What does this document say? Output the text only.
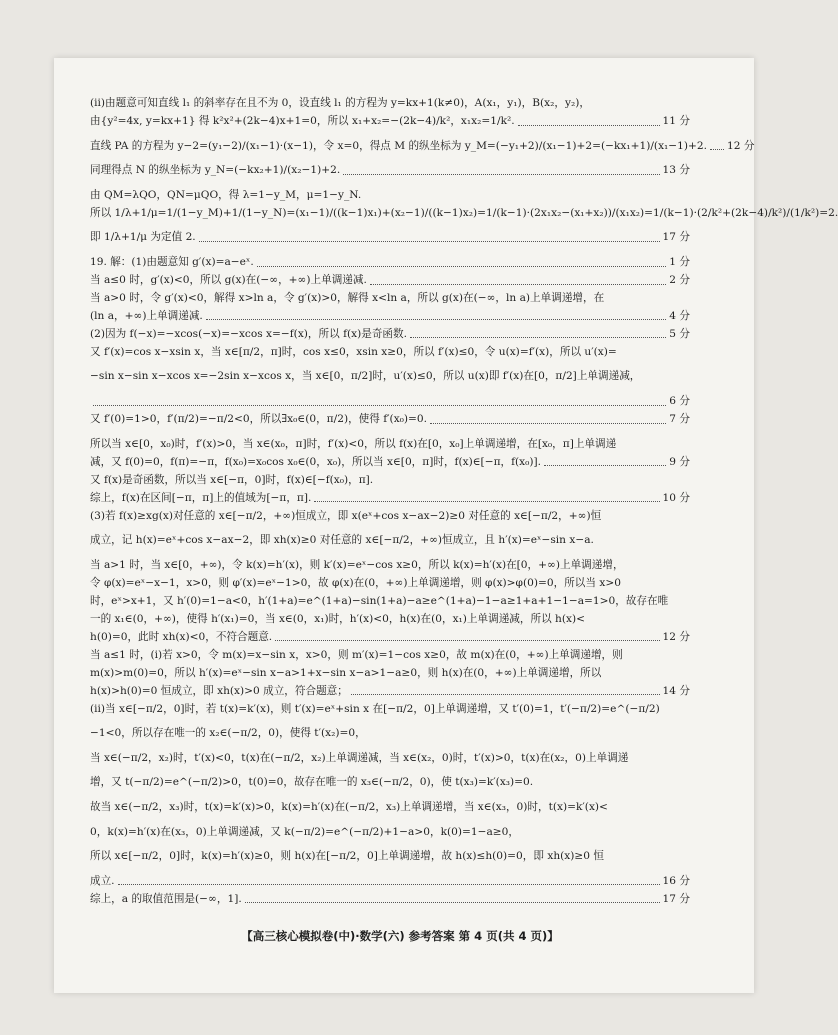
(ⅱ)由题意可知直线 l₁ 的斜率存在且不为 0，设直线 l₁ 的方程为 y=kx+1(k≠0)，A(x₁，y₁)，B(x₂，y₂)，
由{y²=4x, y=kx+1} 得 k²x²+(2k−4)x+1=0，所以 x₁+x₂=−(2k−4)/k²，x₁x₂=1/k².	11 分
直线 PA 的方程为 y−2=(y₁−2)/(x₁−1)·(x−1)，令 x=0，得点 M 的纵坐标为 y_M=(−y₁+2)/(x₁−1)+2=(−kx₁+1)/(x₁−1)+2. 12 分
同理得点 N 的纵坐标为 y_N=(−kx₂+1)/(x₂−1)+2.	13 分
由 QM=λQO，QN=μQO，得 λ=1−y_M，μ=1−y_N.
所以 1/λ+1/μ=1/(1−y_M)+1/(1−y_N)=(x₁−1)/((k−1)x₁)+(x₂−1)/((k−1)x₂)=1/(k−1)·(2x₁x₂−(x₁+x₂))/(x₁x₂)=1/(k−1)·(2/k²+(2k−4)/k²)/(1/k²)=2.
即 1/λ+1/μ 为定值 2.	17 分
19. 解：(1)由题意知 g′(x)=a−eˣ.	1 分
当 a≤0 时，g′(x)<0，所以 g(x)在(−∞，+∞)上单调递减.	2 分
当 a>0 时，令 g′(x)<0，解得 x>ln a，令 g′(x)>0，解得 x<ln a，所以 g(x)在(−∞，ln a)上单调递增，在
(ln a，+∞)上单调递减.	4 分
(2)因为 f(−x)=−xcos(−x)=−xcos x=−f(x)，所以 f(x)是奇函数.	5 分
又 f′(x)=cos x−xsin x，当 x∈[π/2，π]时，cos x≤0，xsin x≥0，所以 f′(x)≤0，令 u(x)=f′(x)，所以 u′(x)=
−sin x−sin x−xcos x=−2sin x−xcos x，当 x∈[0，π/2]时，u′(x)≤0，所以 u(x)即 f′(x)在[0，π/2]上单调递减，
6 分
又 f′(0)=1>0，f′(π/2)=−π/2<0，所以∃x₀∈(0，π/2)，使得 f′(x₀)=0.	7 分
所以当 x∈[0，x₀)时，f′(x)>0，当 x∈(x₀，π]时，f′(x)<0，所以 f(x)在[0，x₀]上单调递增，在[x₀，π]上单调递
减，又 f(0)=0，f(π)=−π，f(x₀)=x₀cos x₀∈(0，x₀)，所以当 x∈[0，π]时，f(x)∈[−π，f(x₀)].	9 分
又 f(x)是奇函数，所以当 x∈[−π，0]时，f(x)∈[−f(x₀)，π].
综上，f(x)在区间[−π，π]上的值域为[−π，π].	10 分
(3)若 f(x)≥xg(x)对任意的 x∈[−π/2，+∞)恒成立，即 x(eˣ+cos x−ax−2)≥0 对任意的 x∈[−π/2，+∞)恒
成立，记 h(x)=eˣ+cos x−ax−2，即 xh(x)≥0 对任意的 x∈[−π/2，+∞)恒成立，且 h′(x)=eˣ−sin x−a.
当 a>1 时，当 x∈[0，+∞)，令 k(x)=h′(x)，则 k′(x)=eˣ−cos x≥0，所以 k(x)=h′(x)在[0，+∞)上单调递增，
令 φ(x)=eˣ−x−1，x>0，则 φ′(x)=eˣ−1>0，故 φ(x)在(0，+∞)上单调递增，则 φ(x)>φ(0)=0，所以当 x>0
时，eˣ>x+1，又 h′(0)=1−a<0，h′(1+a)=e^(1+a)−sin(1+a)−a≥e^(1+a)−1−a≥1+a+1−1−a=1>0，故存在唯
一的 x₁∈(0，+∞)，使得 h′(x₁)=0，当 x∈(0，x₁)时，h′(x)<0，h(x)在(0，x₁)上单调递减，所以 h(x)<
h(0)=0，此时 xh(x)<0，不符合题意.	12 分
当 a≤1 时，(ⅰ)若 x>0，令 m(x)=x−sin x，x>0，则 m′(x)=1−cos x≥0，故 m(x)在(0，+∞)上单调递增，则
m(x)>m(0)=0，所以 h′(x)=eˣ−sin x−a>1+x−sin x−a>1−a≥0，则 h(x)在(0，+∞)上单调递增，所以
h(x)>h(0)=0 恒成立，即 xh(x)>0 成立，符合题意；	14 分
(ⅱ)当 x∈[−π/2，0]时，若 t(x)=k′(x)，则 t′(x)=eˣ+sin x 在[−π/2，0]上单调递增，又 t′(0)=1，t′(−π/2)=e^(−π/2)
−1<0，所以存在唯一的 x₂∈(−π/2，0)，使得 t′(x₂)=0，
当 x∈(−π/2，x₂)时，t′(x)<0，t(x)在(−π/2，x₂)上单调递减，当 x∈(x₂，0)时，t′(x)>0，t(x)在(x₂，0)上单调递
增，又 t(−π/2)=e^(−π/2)>0，t(0)=0，故存在唯一的 x₃∈(−π/2，0)，使 t(x₃)=k′(x₃)=0.
故当 x∈(−π/2，x₃)时，t(x)=k′(x)>0，k(x)=h′(x)在(−π/2，x₃)上单调递增，当 x∈(x₃，0)时，t(x)=k′(x)<
0，k(x)=h′(x)在(x₃，0)上单调递减，又 k(−π/2)=e^(−π/2)+1−a>0，k(0)=1−a≥0，
所以 x∈[−π/2，0]时，k(x)=h′(x)≥0，则 h(x)在[−π/2，0]上单调递增，故 h(x)≤h(0)=0，即 xh(x)≥0 恒
成立.	16 分
综上，a 的取值范围是(−∞，1].	17 分
【高三核心模拟卷(中)·数学(六) 参考答案 第 4 页(共 4 页)】
